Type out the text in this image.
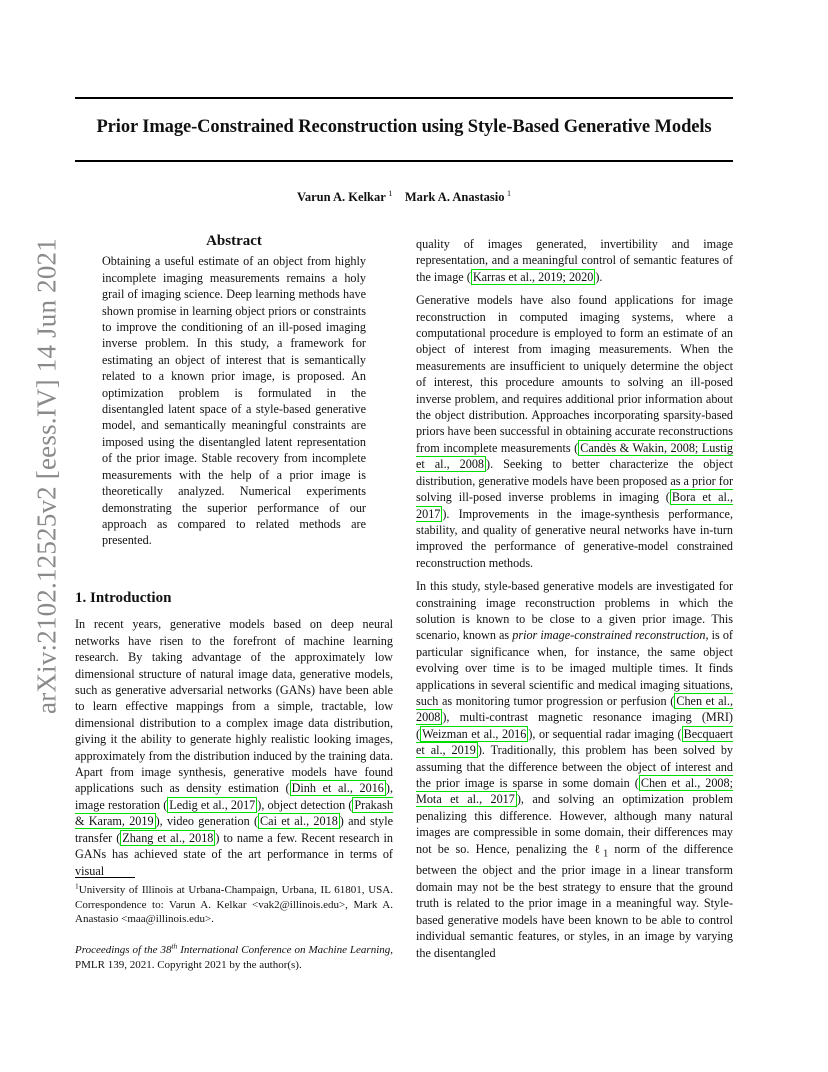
arXiv:2102.12525v2 [eess.IV] 14 Jun 2021
Prior Image-Constrained Reconstruction using Style-Based Generative Models
Varun A. Kelkar  $^1$ Mark A. Anastasio  $^1$
Abstract

Obtaining a useful estimate of an object from highly incomplete imaging measurements remains a holy grail of imaging science. Deep learning methods have shown promise in learning object priors or constraints to improve the conditioning of an ill-posed imaging inverse problem. In this study, a framework for estimating an object of interest that is semantically related to a known prior image, is proposed. An optimization problem is formulated in the disentangled latent space of a style-based generative model, and semantically meaningful constraints are imposed using the disentangled latent representation of the prior image. Stable recovery from incomplete measurements with the help of a prior image is theoretically analyzed. Numerical experiments demonstrating the superior performance of our approach as compared to related methods are presented.

1. Introduction

In recent years, generative models based on deep neural networks have risen to the forefront of machine learning research. By taking advantage of the approximately low dimensional structure of natural image data, generative models, such as generative adversarial networks (GANs) have been able to learn effective mappings from a simple, tractable, low dimensional distribution to a complex image data distribution, giving it the ability to generate highly realistic looking images, approximately from the distribution induced by the training data. Apart from image synthesis, generative models have found applications such as density estimation ( Dinh et al., 2016 ), image restoration ( Ledig et al., 2017 ), object detection ( Prakash & Karam, 2019 ), video generation ( Cai et al., 2018 ) and style transfer ( Zhang et al., 2018 ) to name a few. Recent research in GANs has achieved state of the art performance in terms of visual

$^1$University of Illinois at Urbana-Champaign, Urbana, IL 61801, USA. Correspondence to: Varun A. Kelkar <vak2@illinois.edu>, Mark A. Anastasio <maa@illinois.edu>.
Proceedings of the 38th International Conference on Machine Learning, PMLR 139, 2021. Copyright 2021 by the author(s).

quality of images generated, invertibility and image representation, and a meaningful control of semantic features of the image ( Karras et al., 2019; 2020 ).

Generative models have also found applications for image reconstruction in computed imaging systems, where a computational procedure is employed to form an estimate of an object of interest from imaging measurements. When the measurements are insufficient to uniquely determine the object of interest, this procedure amounts to solving an ill-posed inverse problem, and requires additional prior information about the object distribution. Approaches incorporating sparsity-based priors have been successful in obtaining accurate reconstructions from incomplete measurements ( Candès & Wakin, 2008; Lustig et al., 2008 ). Seeking to better characterize the object distribution, generative models have been proposed as a prior for solving ill-posed inverse problems in imaging ( Bora et al., 2017 ). Improvements in the image-synthesis performance, stability, and quality of generative neural networks have in-turn improved the performance of generative-model constrained reconstruction methods.

In this study, style-based generative models are investigated for constraining image reconstruction problems in which the solution is known to be close to a given prior image. This scenario, known as prior image-constrained reconstruction, is of particular significance when, for instance, the same object evolving over time is to be imaged multiple times. It finds applications in several scientific and medical imaging situations, such as monitoring tumor progression or perfusion ( Chen et al., 2008 ), multi-contrast magnetic resonance imaging (MRI) ( Weizman et al., 2016 ), or sequential radar imaging ( Becquaert et al., 2019 ). Traditionally, this problem has been solved by assuming that the difference between the object of interest and the prior image is sparse in some domain ( Chen et al., 2008; Mota et al., 2017 ), and solving an optimization problem penalizing this difference. However, although many natural images are compressible in some domain, their differences may not be so. Hence, penalizing the ℓ$_1$ norm of the difference between the object and the prior image in a linear transform domain may not be the best strategy to ensure that the ground truth is related to the prior image in a meaningful way. Style-based generative models have been known to be able to control individual semantic features, or styles, in an image by varying the disentangled
